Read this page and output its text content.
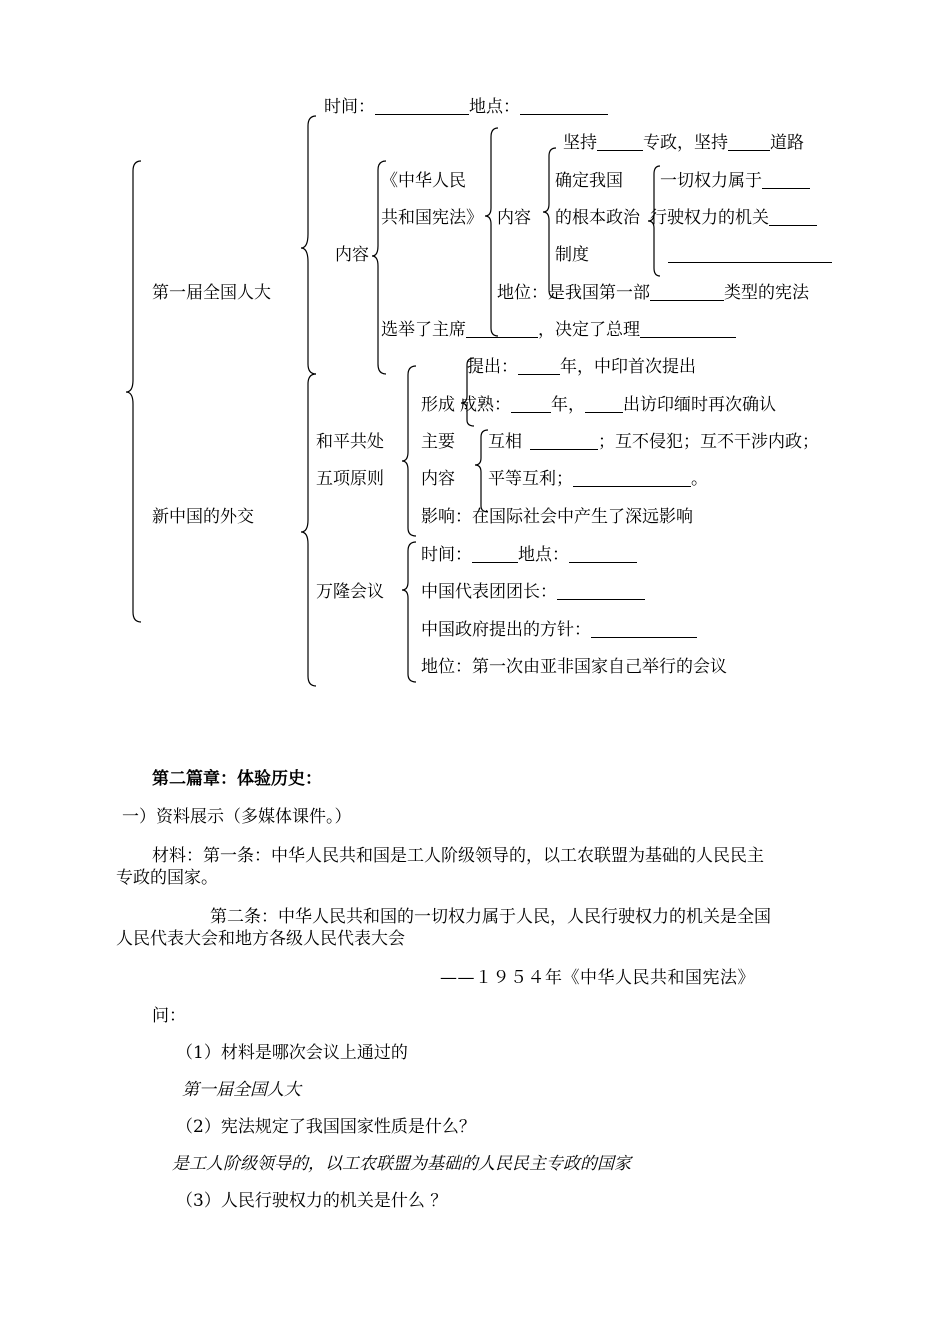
时间：	地点：
坚持	专政，坚持 道路
《中华人民
共和国宪法》 内容
确定我国
的根本政治
制度
一切权力属于
行驶权力的机关
内容
第一届全国人大	地位：是我国第一部	类型的宪法
选举了主席	，决定了总理
提出： 年，中印首次提出
形成 成熟： 年， 出访印缅时再次确认
和平共处
五项原则
主要
内容
互相	；互不侵犯；互不干涉内政；
平等互利；	。
新中国的外交	影响：在国际社会中产生了深远影响
时间：	地点：
万隆会议 中国代表团团长：
中国政府提出的方针：
地位：第一次由亚非国家自己举行的会议
第二篇章：体验历史：
一）资料展示（多媒体课件。）
材料：第一条：中华人民共和国是工人阶级领导的，以工农联盟为基础的人民民主
专政的国家。
第二条：中华人民共和国的一切权力属于人民，人民行驶权力的机关是全国
人民代表大会和地方各级人民代表大会
——１９５４年《中华人民共和国宪法》
问：
（1）材料是哪次会议上通过的
第一届全国人大
（2）宪法规定了我国国家性质是什么？
是工人阶级领导的，以工农联盟为基础的人民民主专政的国家
（3）人民行驶权力的机关是什么 ？
